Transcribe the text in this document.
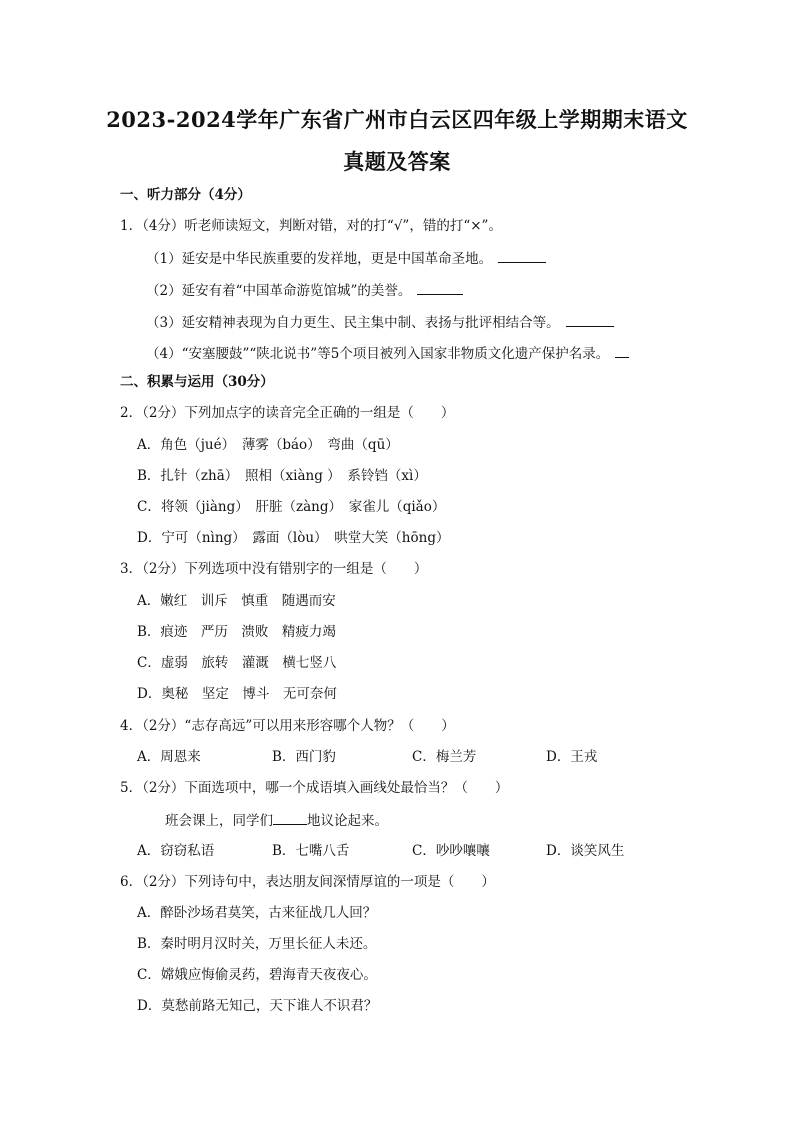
2023-2024学年广东省广州市白云区四年级上学期期末语文
真题及答案
一、听力部分（4分）
1．（4分）听老师读短文，判断对错，对的打“√”，错的打“×”。
（1）延安是中华民族重要的发祥地，更是中国革命圣地。
（2）延安有着“中国革命游览馆城”的美誉。
（3）延安精神表现为自力更生、民主集中制、表扬与批评相结合等。
（4）“安塞腰鼓”“陕北说书”等5个项目被列入国家非物质文化遗产保护名录。
二、积累与运用（30分）
2．（2分）下列加点字的读音完全正确的一组是（　　）
A．角色（jué）　薄雾（báo）　弯曲（qū）
B．扎针（zhā）　照相（xiàng ）　系铃铛（xì）
C．将领（jiàng）　肝脏（zàng）　家雀儿（qiǎo）
D．宁可（nìng）　露面（lòu）　哄堂大笑（hōng）
3．（2分）下列选项中没有错别字的一组是（　　）
A．嫩红　训斥　慎重　随遇而安
B．痕迹　严历　溃败　精疲力竭
C．虚弱　旅转　灌溉　横七竖八
D．奥秘　坚定　博斗　无可奈何
4．（2分）“志存高远”可以用来形容哪个人物？（　　）
A．周恩来	B．西门豹	C．梅兰芳	D．王戎
5．（2分）下面选项中，哪一个成语填入画线处最恰当？（　　）
班会课上，同学们	地议论起来。
A．窃窃私语	B．七嘴八舌	C．吵吵嚷嚷	D．谈笑风生
6．（2分）下列诗句中，表达朋友间深情厚谊的一项是（　　）
A．醉卧沙场君莫笑，古来征战几人回？
B．秦时明月汉时关，万里长征人未还。
C．嫦娥应悔偷灵药，碧海青天夜夜心。
D．莫愁前路无知己，天下谁人不识君？
